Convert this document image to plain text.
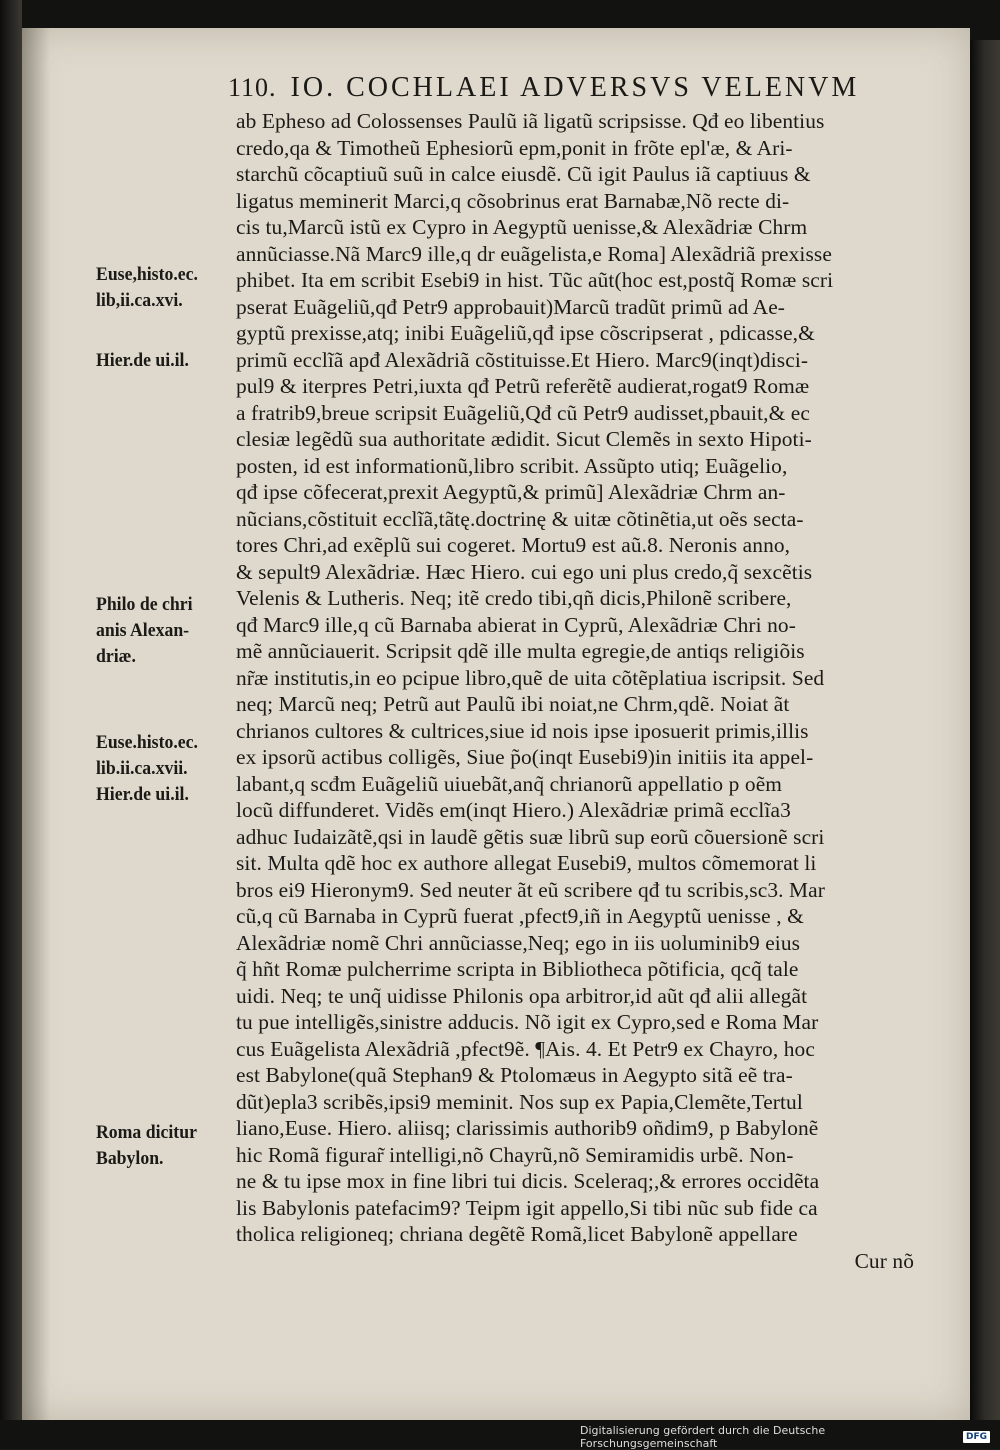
110. IO. COCHLAEI ADVERSVS VELENVM
ab Epheso ad Colossenses Paulũ iã ligatũ scripsisse. Qđ eo libentius
credo,qa & Timotheũ Ephesiorũ epm,ponit in frõte epl'æ, & Ari-
starchũ cõcaptiuũ suũ in calce eiusdẽ. Cũ igit Paulus iã captiuus &
ligatus meminerit Marci,q cõsobrinus erat Barnabæ,Nõ recte di-
cis tu,Marcũ istũ ex Cypro in Aegyptũ uenisse,& Alexãdriæ Chrm
annũciasse.Nã Marc9 ille,q dr euãgelista,e Roma] Alexãdriã prexisse
phibet. Ita em scribit Esebi9 in hist. Tũc aũt(hoc est,postq̃ Romæ scri
pserat Euãgeliũ,qđ Petr9 approbauit)Marcũ tradũt primũ ad Ae-
gyptũ prexisse,atq; inibi Euãgeliũ,qđ ipse cõscripserat , pdicasse,&
primũ ecclĩã apđ Alexãdriã cõstituisse.Et Hiero. Marc9(inqt)disci-
pul9 & iterpres Petri,iuxta qđ Petrũ referẽtẽ audierat,rogat9 Romæ
a fratrib9,breue scripsit Euãgeliũ,Qđ cũ Petr9 audisset,pbauit,& ec
clesiæ legẽdũ sua authoritate ædidit. Sicut Clemẽs in sexto Hipoti-
posten, id est informationũ,libro scribit. Assũpto utiq; Euãgelio,
qđ ipse cõfecerat,prexit Aegyptũ,& primũ] Alexãdriæ Chrm an-
nũcians,cõstituit ecclĩã,tãtę.doctrinę & uitæ cõtinẽtia,ut oẽs secta-
tores Chri,ad exẽplũ sui cogeret. Mortu9 est aũ.8. Neronis anno,
& sepult9 Alexãdriæ. Hæc Hiero. cui ego uni plus credo,q̃ sexcẽtis
Velenis & Lutheris. Neq; itẽ credo tibi,qñ dicis,Philonẽ scribere,
qđ Marc9 ille,q cũ Barnaba abierat in Cyprũ, Alexãdriæ Chri no-
mẽ annũciauerit. Scripsit qdẽ ille multa egregie,de antiqs religiõis
nr̃æ institutis,in eo pcipue libro,quẽ de uita cõtẽplatiua iscripsit. Sed
neq; Marcũ neq; Petrũ aut Paulũ ibi noiat,ne Chrm,qdẽ. Noiat ãt
chrianos cultores & cultrices,siue id nois ipse iposuerit primis,illis
ex ipsorũ actibus colligẽs, Siue p̃o(inqt Eusebi9)in initiis ita appel-
labant,q scđm Euãgeliũ uiuebãt,anq̃ chrianorũ appellatio p oẽm
locũ diffunderet. Vidẽs em(inqt Hiero.) Alexãdriæ primã ecclĩa3
adhuc Iudaizãtẽ,qsi in laudẽ gẽtis suæ librũ sup eorũ cõuersionẽ scri
sit. Multa qdẽ hoc ex authore allegat Eusebi9, multos cõmemorat li
bros ei9 Hieronym9. Sed neuter ãt eũ scribere qđ tu scribis,sc3. Mar
cũ,q cũ Barnaba in Cyprũ fuerat ,pfect9,iñ in Aegyptũ uenisse , &
Alexãdriæ nomẽ Chri annũciasse,Neq; ego in iis uoluminib9 eius
q̃ hñt Romæ pulcherrime scripta in Bibliotheca põtificia, qcq̃ tale
uidi. Neq; te unq̃ uidisse Philonis opa arbitror,id aũt qđ alii allegãt
tu pue intelligẽs,sinistre adducis. Nõ igit ex Cypro,sed e Roma Mar
cus Euãgelista Alexãdriã ,pfect9ẽ. ¶Ais. 4. Et Petr9 ex Chayro, hoc
est Babylone(quã Stephan9 & Ptolomæus in Aegypto sitã eẽ tra-
dũt)epla3 scribẽs,ipsi9 meminit. Nos sup ex Papia,Clemẽte,Tertul
liano,Euse. Hiero. aliisq; clarissimis authorib9 oñdim9, p Babylonẽ
hic Romã figurar̃ intelligi,nõ Chayrũ,nõ Semiramidis urbẽ. Non-
ne & tu ipse mox in fine libri tui dicis. Sceleraq;,& errores occidẽta
lis Babylonis patefacim9? Teipm igit appello,Si tibi nũc sub fide ca
tholica religioneq; chriana degẽtẽ Romã,licet Babylonẽ appellare
Cur nõ
Euse,histo.ec.
lib,ii.ca.xvi.
Hier.de ui.il.
Philo de chri
anis Alexan-
driæ.
Euse.histo.ec.
lib.ii.ca.xvii.
Hier.de ui.il.
Roma dicitur
Babylon.
Digitalisierung gefördert durch die Deutsche Forschungsgemeinschaft	DFG
